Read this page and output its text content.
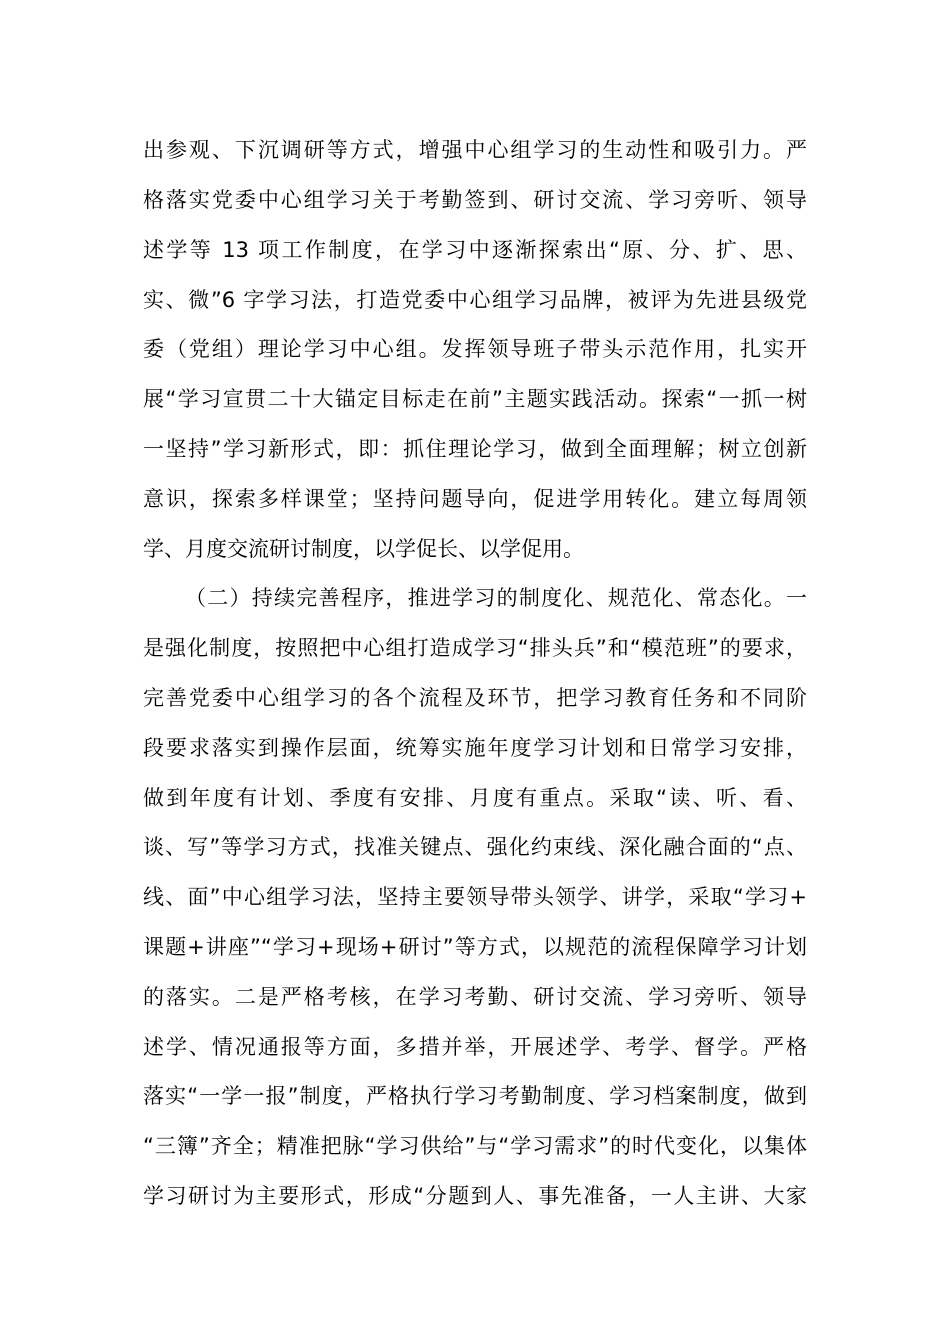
出参观、下沉调研等方式，增强中心组学习的生动性和吸引力。严
格落实党委中心组学习关于考勤签到、研讨交流、学习旁听、领导
述学等 13 项工作制度，在学习中逐渐探索出“原、分、扩、思、
实、微”6 字学习法，打造党委中心组学习品牌，被评为先进县级党
委（党组）理论学习中心组。发挥领导班子带头示范作用，扎实开
展“学习宣贯二十大锚定目标走在前”主题实践活动。探索“一抓一树
一坚持”学习新形式，即：抓住理论学习，做到全面理解；树立创新
意识，探索多样课堂；坚持问题导向，促进学用转化。建立每周领
学、月度交流研讨制度，以学促长、以学促用。
（二）持续完善程序，推进学习的制度化、规范化、常态化。一
是强化制度，按照把中心组打造成学习“排头兵”和“模范班”的要求，
完善党委中心组学习的各个流程及环节，把学习教育任务和不同阶
段要求落实到操作层面，统筹实施年度学习计划和日常学习安排，
做到年度有计划、季度有安排、月度有重点。采取“读、听、看、
谈、写”等学习方式，找准关键点、强化约束线、深化融合面的“点、
线、面”中心组学习法，坚持主要领导带头领学、讲学，采取“学习+
课题+讲座”“学习+现场+研讨”等方式，以规范的流程保障学习计划
的落实。二是严格考核，在学习考勤、研讨交流、学习旁听、领导
述学、情况通报等方面，多措并举，开展述学、考学、督学。严格
落实“一学一报”制度，严格执行学习考勤制度、学习档案制度，做到
“三簿”齐全；精准把脉“学习供给”与“学习需求”的时代变化，以集体
学习研讨为主要形式，形成“分题到人、事先准备，一人主讲、大家
